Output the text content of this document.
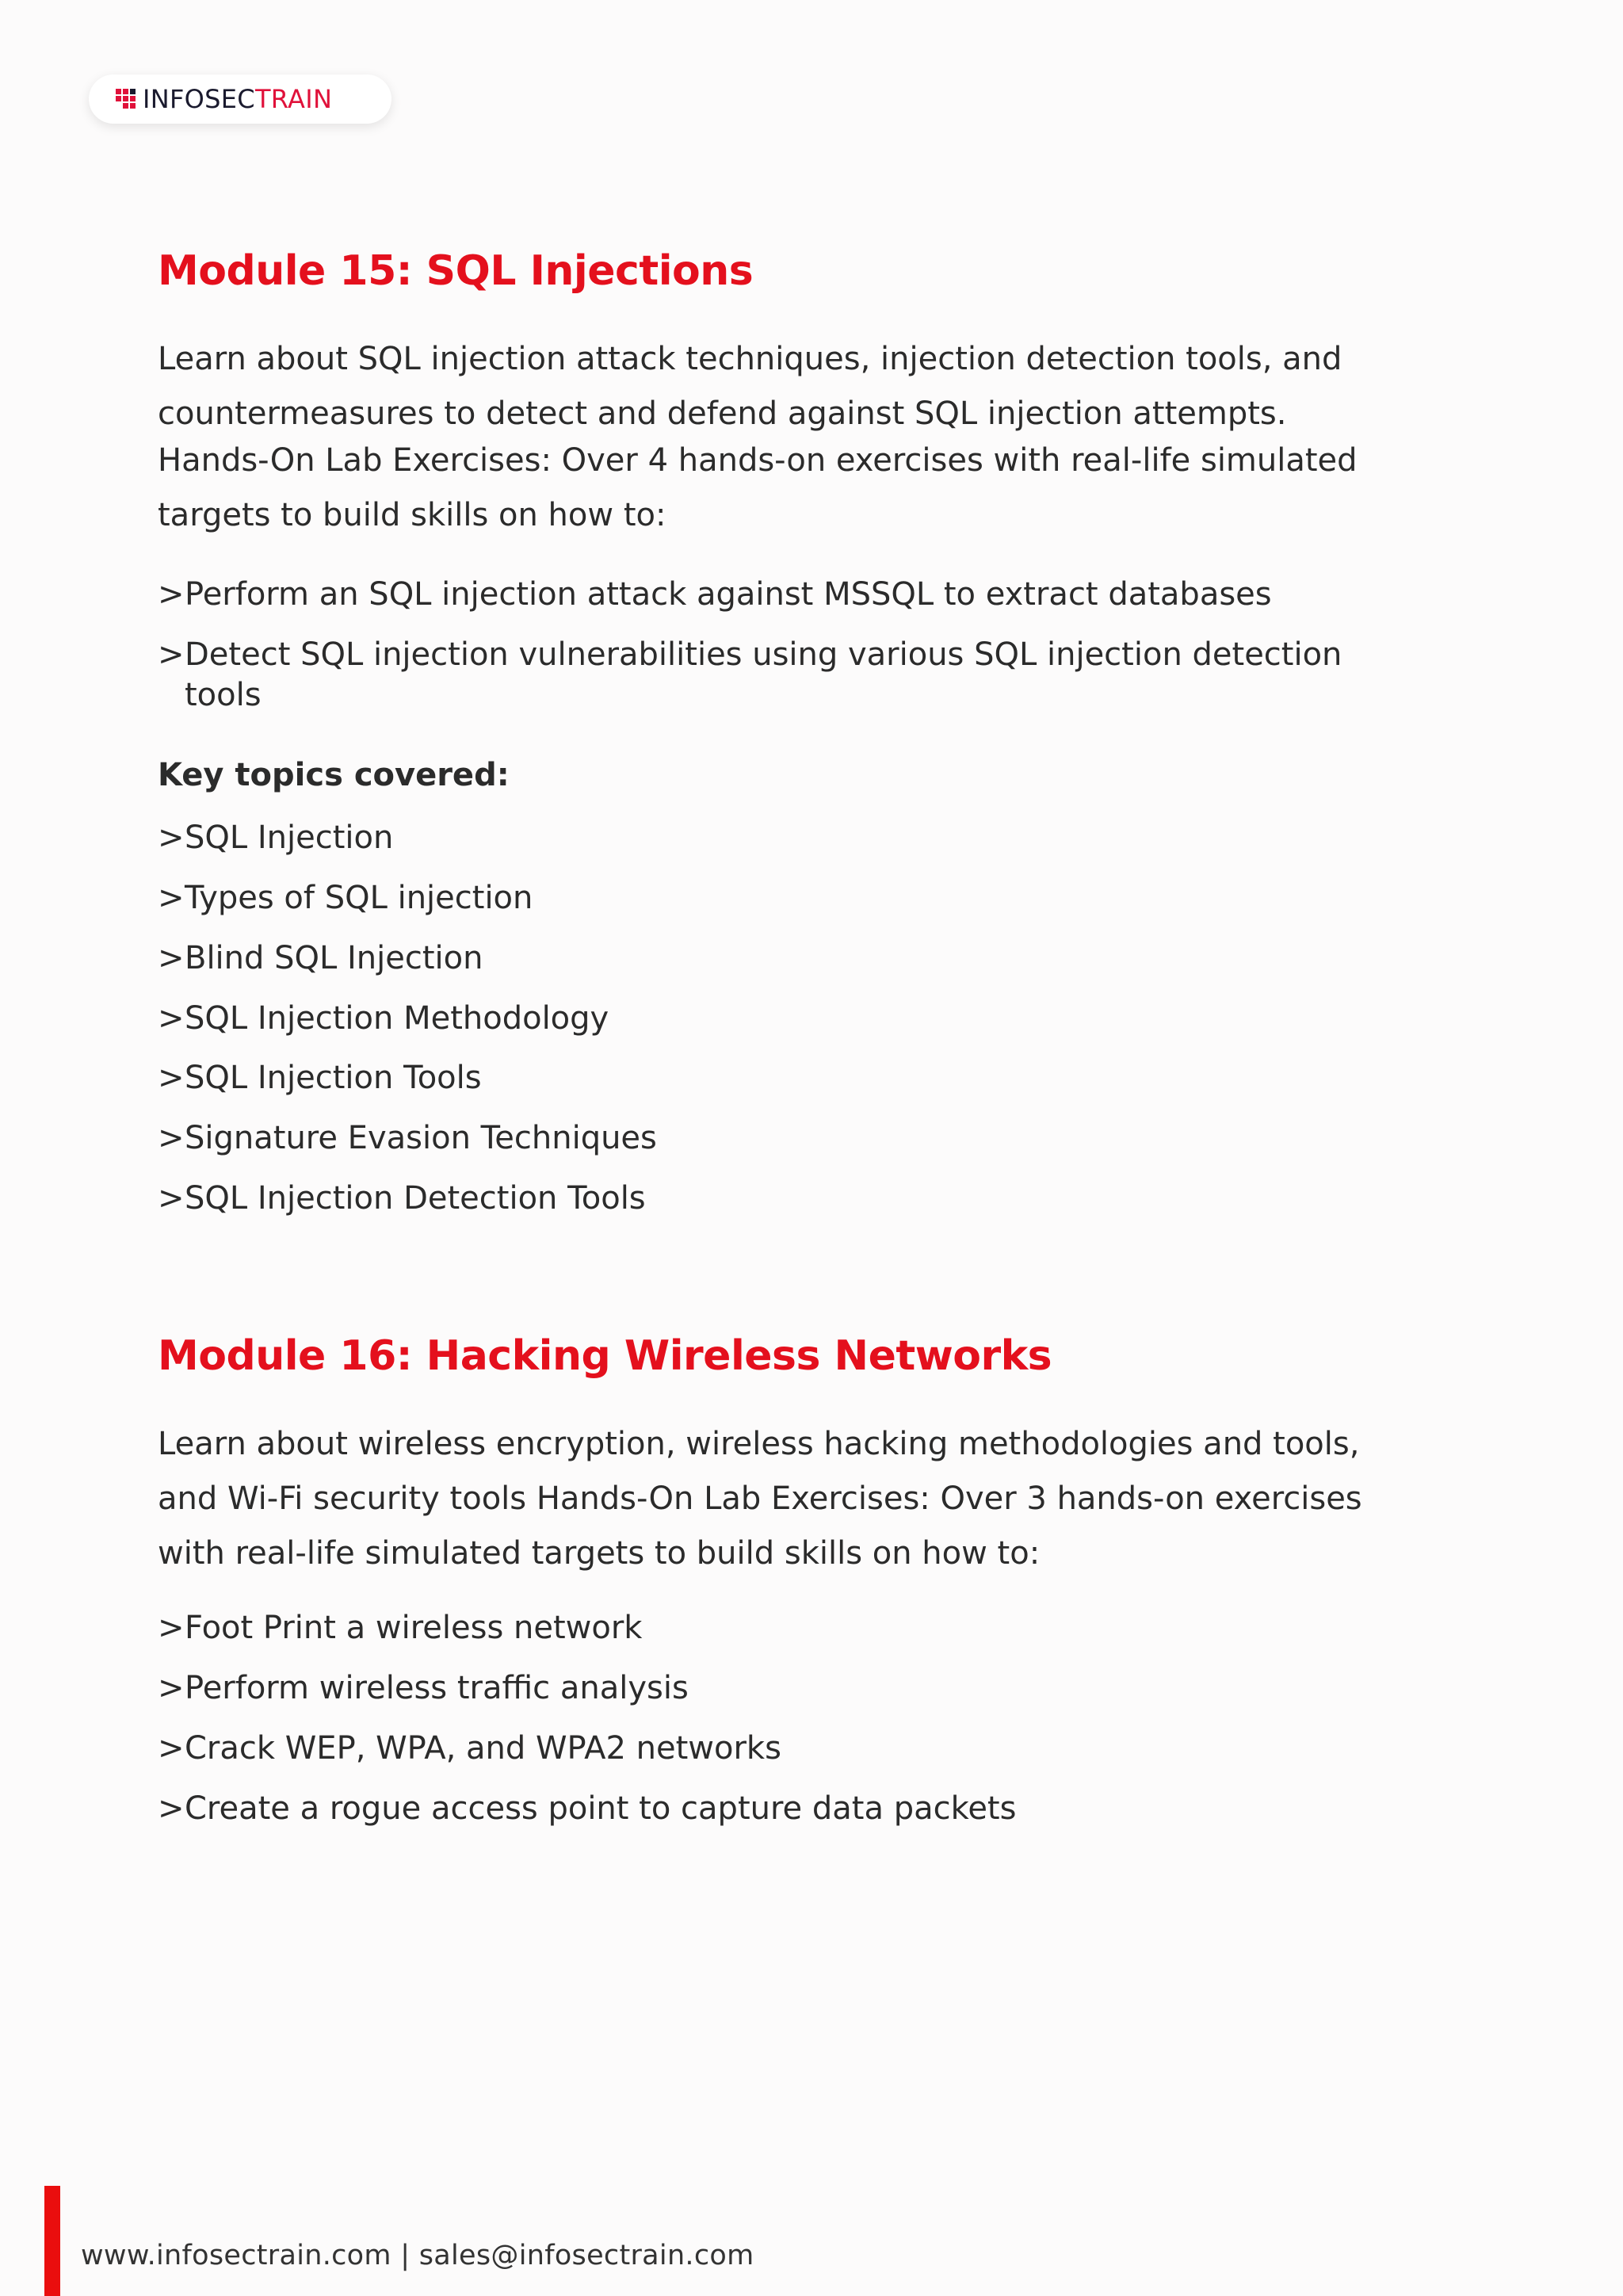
INFOSECTRAIN
Module 15: SQL Injections

Learn about SQL injection attack techniques, injection detection tools, and
countermeasures to detect and defend against SQL injection attempts.

Hands-On Lab Exercises: Over 4 hands-on exercises with real-life simulated
targets to build skills on how to:

> Perform an SQL injection attack against MSSQL to extract databases
> Detect SQL injection vulnerabilities using various SQL injection detection
tools
Key topics covered:
> SQL Injection
> Types of SQL injection
> Blind SQL Injection
> SQL Injection Methodology
> SQL Injection Tools
> Signature Evasion Techniques
> SQL Injection Detection Tools
Module 16: Hacking Wireless Networks

Learn about wireless encryption, wireless hacking methodologies and tools,
and Wi-Fi security tools Hands-On Lab Exercises: Over 3 hands-on exercises
with real-life simulated targets to build skills on how to:

> Foot Print a wireless network
> Perform wireless traffic analysis
> Crack WEP, WPA, and WPA2 networks
> Create a rogue access point to capture data packets
www.infosectrain.com | sales@infosectrain.com
